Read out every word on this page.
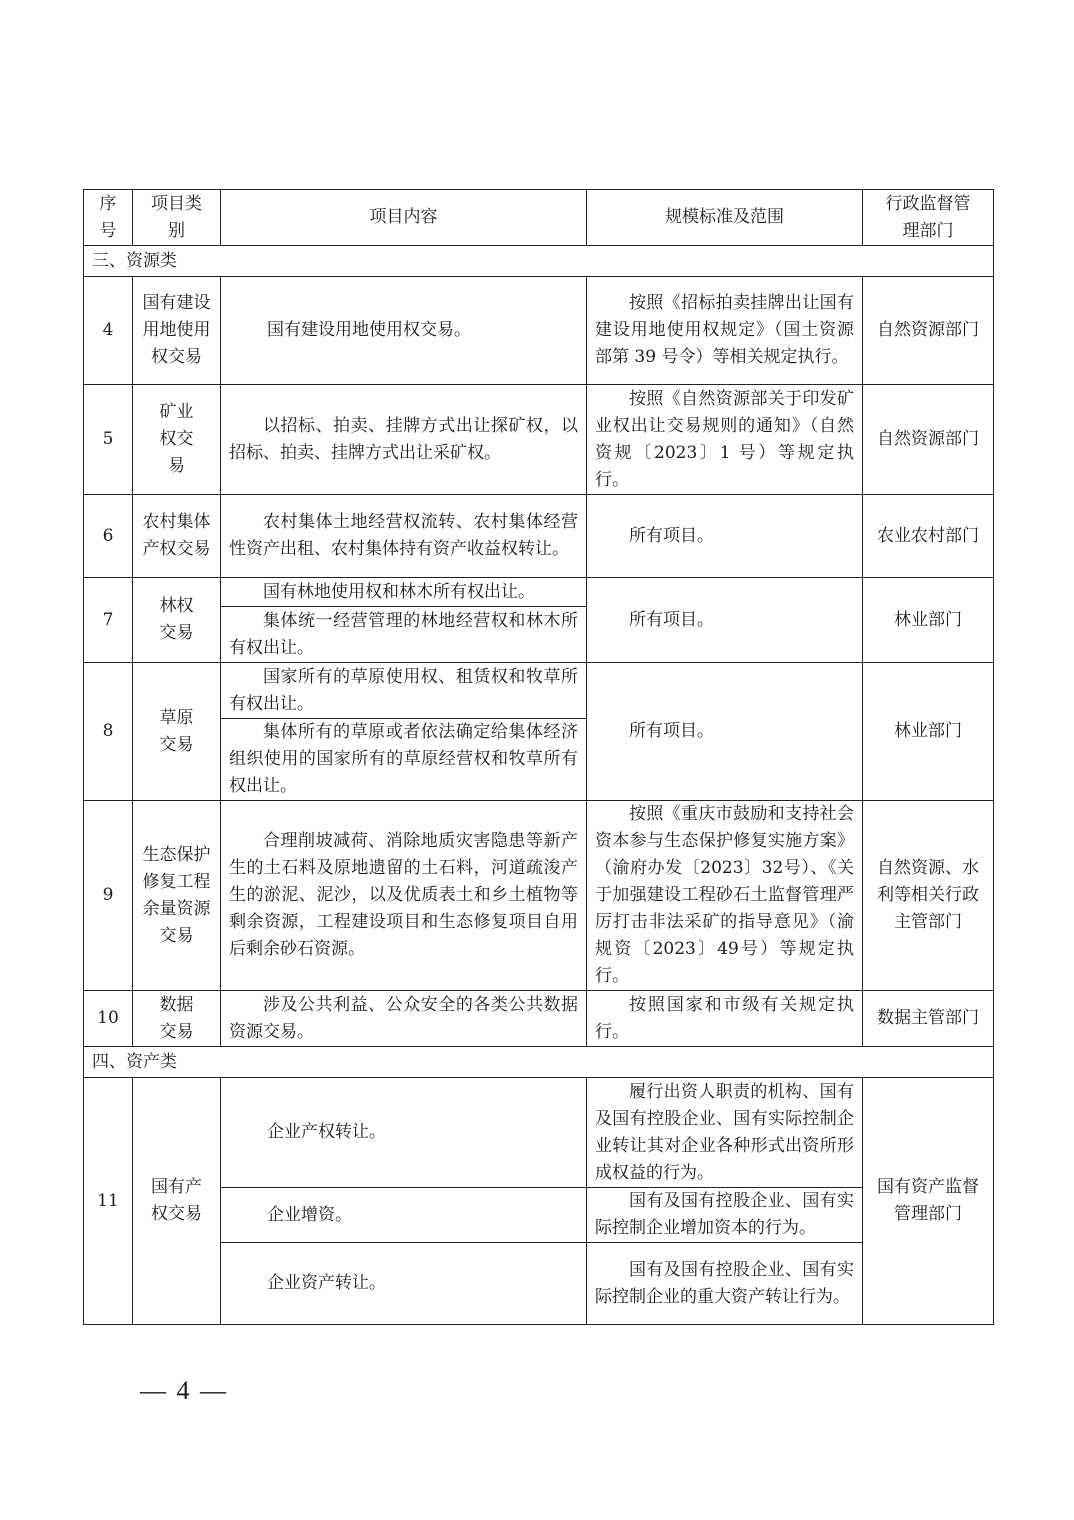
序号	项目类别	项目内容	规模标准及范围	行政监督管理部门
三、资源类				
4	国有建设用地使用权交易	国有建设用地使用权交易。	按照《招标拍卖挂牌出让国有建设用地使用权规定》（国土资源部第 39 号令）等相关规定执行。	自然资源部门
5	矿业权交易	以招标、拍卖、挂牌方式出让探矿权，以招标、拍卖、挂牌方式出让采矿权。	按照《自然资源部关于印发矿业权出让交易规则的通知》（自然资规〔2023〕1 号）等规定执行。	自然资源部门
6	农村集体产权交易	农村集体土地经营权流转、农村集体经营性资产出租、农村集体持有资产收益权转让。	所有项目。	农业农村部门
7	林权交易	国有林地使用权和林木所有权出让。	所有项目。	林业部门
		集体统一经营管理的林地经营权和林木所有权出让。		
8	草原交易	国家所有的草原使用权、租赁权和牧草所有权出让。	所有项目。	林业部门
		集体所有的草原或者依法确定给集体经济组织使用的国家所有的草原经营权和牧草所有权出让。		
9	生态保护修复工程余量资源交易	合理削坡减荷、消除地质灾害隐患等新产生的土石料及原地遗留的土石料，河道疏浚产生的淤泥、泥沙，以及优质表土和乡土植物等剩余资源，工程建设项目和生态修复项目自用后剩余砂石资源。	按照《重庆市鼓励和支持社会资本参与生态保护修复实施方案》（渝府办发〔2023〕32号）、《关于加强建设工程砂石土监督管理严厉打击非法采矿的指导意见》（渝规资〔2023〕49号）等规定执行。	自然资源、水利等相关行政主管部门
10	数据交易	涉及公共利益、公众安全的各类公共数据资源交易。	按照国家和市级有关规定执行。	数据主管部门
四、资产类				
11	国有产权交易	企业产权转让。	履行出资人职责的机构、国有及国有控股企业、国有实际控制企业转让其对企业各种形式出资所形成权益的行为。	国有资产监督管理部门
		企业增资。	国有及国有控股企业、国有实际控制企业增加资本的行为。	
		企业资产转让。	国有及国有控股企业、国有实际控制企业的重大资产转让行为。	
— 4 —
